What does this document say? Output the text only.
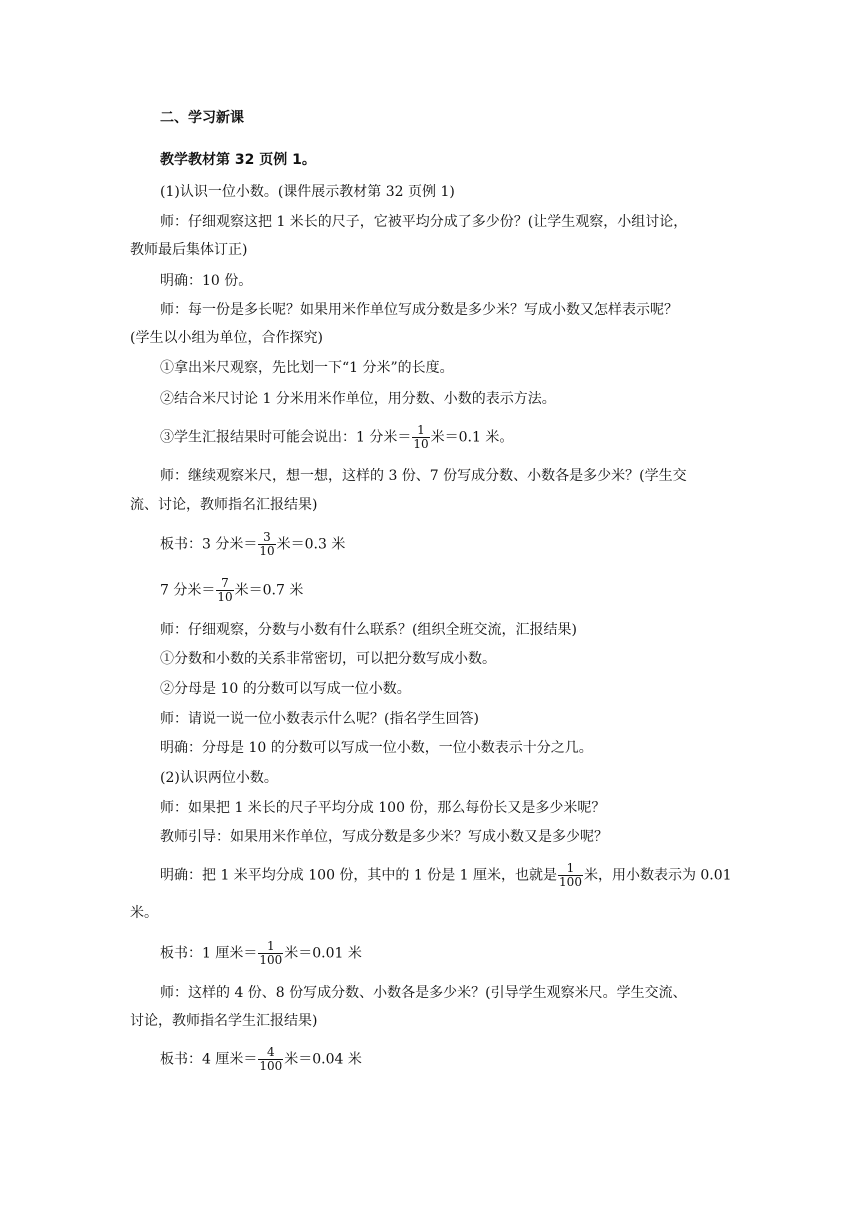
二、学习新课
教学教材第 32 页例 1。
(1)认识一位小数。(课件展示教材第 32 页例 1)
师：仔细观察这把 1 米长的尺子，它被平均分成了多少份？(让学生观察，小组讨论，
教师最后集体订正)
明确：10 份。
师：每一份是多长呢？如果用米作单位写成分数是多少米？写成小数又怎样表示呢？
(学生以小组为单位，合作探究)
①拿出米尺观察，先比划一下“1 分米”的长度。
②结合米尺讨论 1 分米用米作单位，用分数、小数的表示方法。
③学生汇报结果时可能会说出：1 分米＝ $\frac{1}{10}$ 米＝0.1 米。
师：继续观察米尺，想一想，这样的 3 份、7 份写成分数、小数各是多少米？(学生交
流、讨论，教师指名汇报结果)
板书：3 分米＝ $\frac{3}{10}$ 米＝0.3 米
7 分米＝ $\frac{7}{10}$ 米＝0.7 米
师：仔细观察，分数与小数有什么联系？(组织全班交流，汇报结果)
①分数和小数的关系非常密切，可以把分数写成小数。
②分母是 10 的分数可以写成一位小数。
师：请说一说一位小数表示什么呢？(指名学生回答)
明确：分母是 10 的分数可以写成一位小数，一位小数表示十分之几。
(2)认识两位小数。
师：如果把 1 米长的尺子平均分成 100 份，那么每份长又是多少米呢？
教师引导：如果用米作单位，写成分数是多少米？写成小数又是多少呢？
明确：把 1 米平均分成 100 份，其中的 1 份是 1 厘米，也就是 $\frac{1}{100}$ 米，用小数表示为 0.01
米。
板书：1 厘米＝ $\frac{1}{100}$ 米＝0.01 米
师：这样的 4 份、8 份写成分数、小数各是多少米？(引导学生观察米尺。学生交流、
讨论，教师指名学生汇报结果)
板书：4 厘米＝ $\frac{4}{100}$ 米＝0.04 米
